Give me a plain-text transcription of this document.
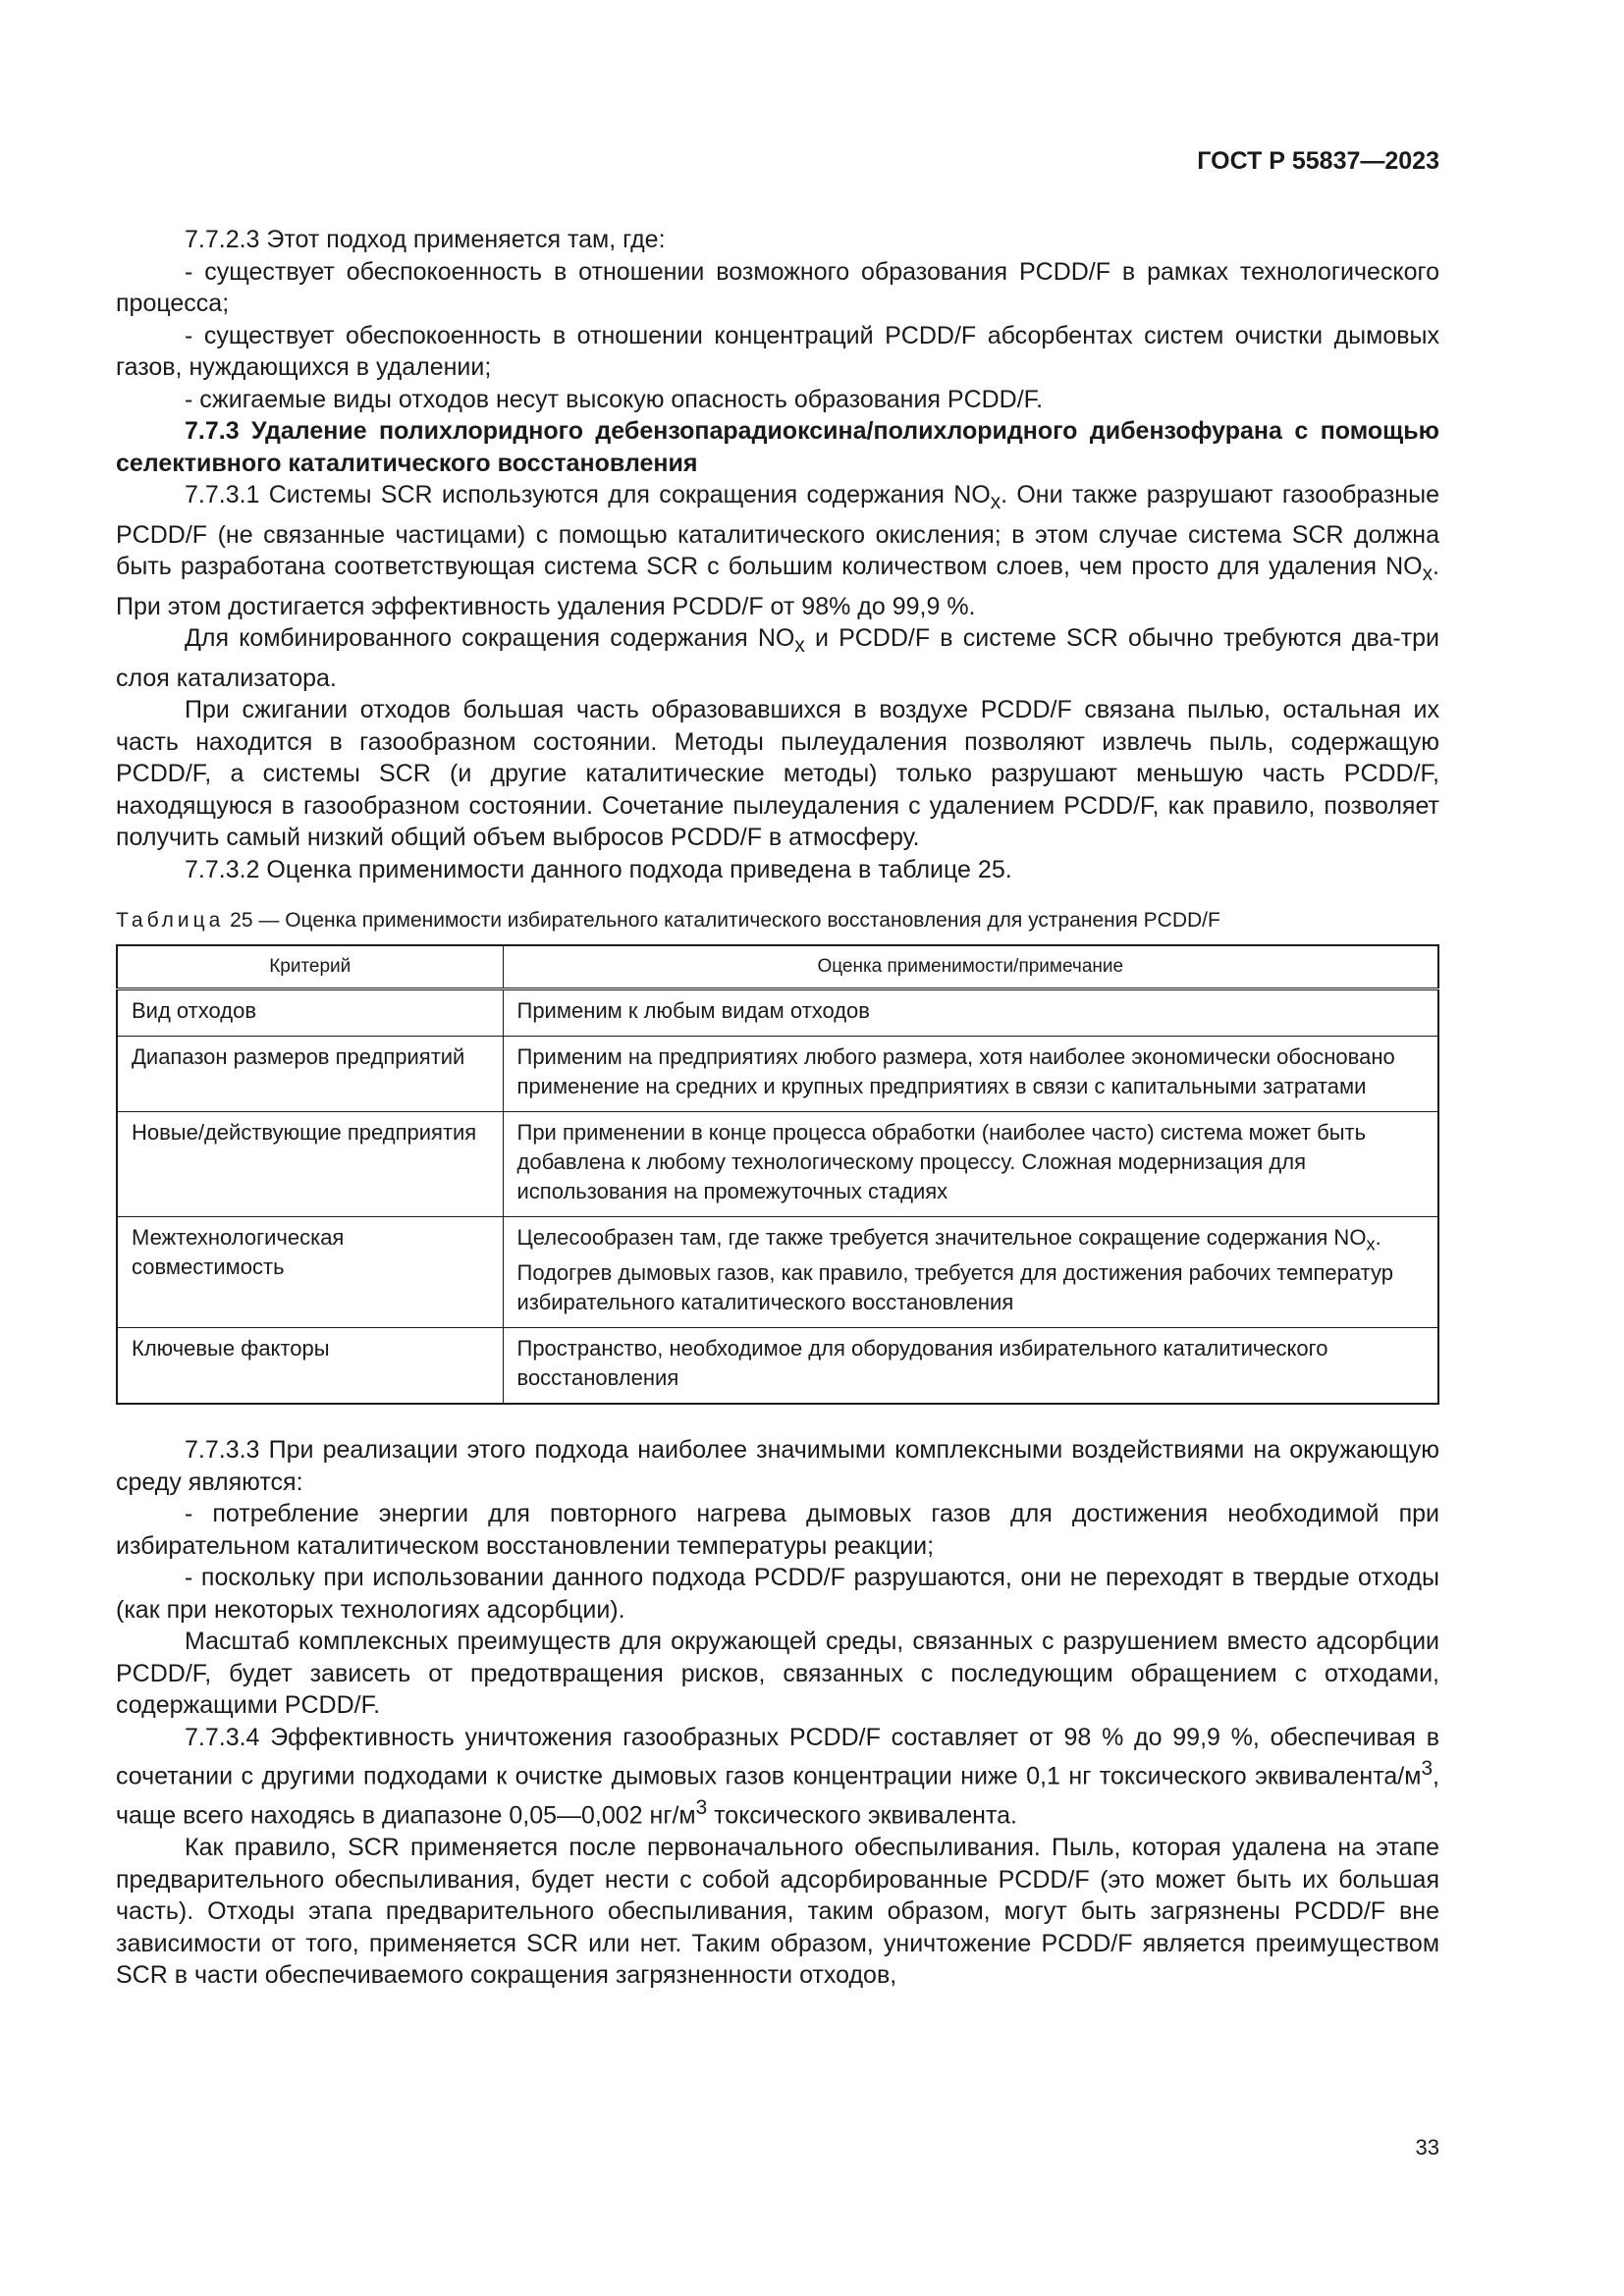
ГОСТ Р 55837—2023

7.7.2.3 Этот подход применяется там, где:

- существует обеспокоенность в отношении возможного образования PCDD/F в рамках технологического процесса;

- существует обеспокоенность в отношении концентраций PCDD/F абсорбентах систем очистки дымовых газов, нуждающихся в удалении;

- сжигаемые виды отходов несут высокую опасность образования PCDD/F.

7.7.3 Удаление полихлоридного дебензопарадиоксина/полихлоридного дибензофурана с помощью селективного каталитического восстановления

7.7.3.1 Системы SCR используются для сокращения содержания $NO_x$. Они также разрушают газообразные PCDD/F (не связанные частицами) с помощью каталитического окисления; в этом случае система SCR должна быть разработана соответствующая система SCR с большим количеством слоев, чем просто для удаления $NO_x$. При этом достигается эффективность удаления PCDD/F от 98% до 99,9 %.

Для комбинированного сокращения содержания $NO_x$ и PCDD/F в системе SCR обычно требуются два-три слоя катализатора.

При сжигании отходов большая часть образовавшихся в воздухе PCDD/F связана пылью, остальная их часть находится в газообразном состоянии. Методы пылеудаления позволяют извлечь пыль, содержащую PCDD/F, а системы SCR (и другие каталитические методы) только разрушают меньшую часть PCDD/F, находящуюся в газообразном состоянии. Сочетание пылеудаления с удалением PCDD/F, как правило, позволяет получить самый низкий общий объем выбросов PCDD/F в атмосферу.

7.7.3.2 Оценка применимости данного подхода приведена в таблице 25.

Таблица 25 — Оценка применимости избирательного каталитического восстановления для устранения PCDD/F
Критерий	Оценка применимости/примечание
Вид отходов	Применим к любым видам отходов
Диапазон размеров предприятий	Применим на предприятиях любого размера, хотя наиболее экономически обосновано применение на средних и крупных предприятиях в связи с капитальными затратами
Новые/действующие предприятия	При применении в конце процесса обработки (наиболее часто) система может быть добавлена к любому технологическому процессу. Сложная модернизация для использования на промежуточных стадиях
Межтехнологическая совместимость	Целесообразен там, где также требуется значительное сокращение содержания $NO_x$. Подогрев дымовых газов, как правило, требуется для достижения рабочих температур избирательного каталитического восстановления
Ключевые факторы	Пространство, необходимое для оборудования избирательного каталитического восстановления

7.7.3.3 При реализации этого подхода наиболее значимыми комплексными воздействиями на окружающую среду являются:

- потребление энергии для повторного нагрева дымовых газов для достижения необходимой при избирательном каталитическом восстановлении температуры реакции;

- поскольку при использовании данного подхода PCDD/F разрушаются, они не переходят в твердые отходы (как при некоторых технологиях адсорбции).

Масштаб комплексных преимуществ для окружающей среды, связанных с разрушением вместо адсорбции PCDD/F, будет зависеть от предотвращения рисков, связанных с последующим обращением с отходами, содержащими PCDD/F.

7.7.3.4 Эффективность уничтожения газообразных PCDD/F составляет от 98 % до 99,9 %, обеспечивая в сочетании с другими подходами к очистке дымовых газов концентрации ниже 0,1 нг токсического эквивалента/$м^3$, чаще всего находясь в диапазоне 0,05—0,002 $нг/м^3$ токсического эквивалента.

Как правило, SCR применяется после первоначального обеспыливания. Пыль, которая удалена на этапе предварительного обеспыливания, будет нести с собой адсорбированные PCDD/F (это может быть их большая часть). Отходы этапа предварительного обеспыливания, таким образом, могут быть загрязнены PCDD/F вне зависимости от того, применяется SCR или нет. Таким образом, уничтожение PCDD/F является преимуществом SCR в части обеспечиваемого сокращения загрязненности отходов,

33
